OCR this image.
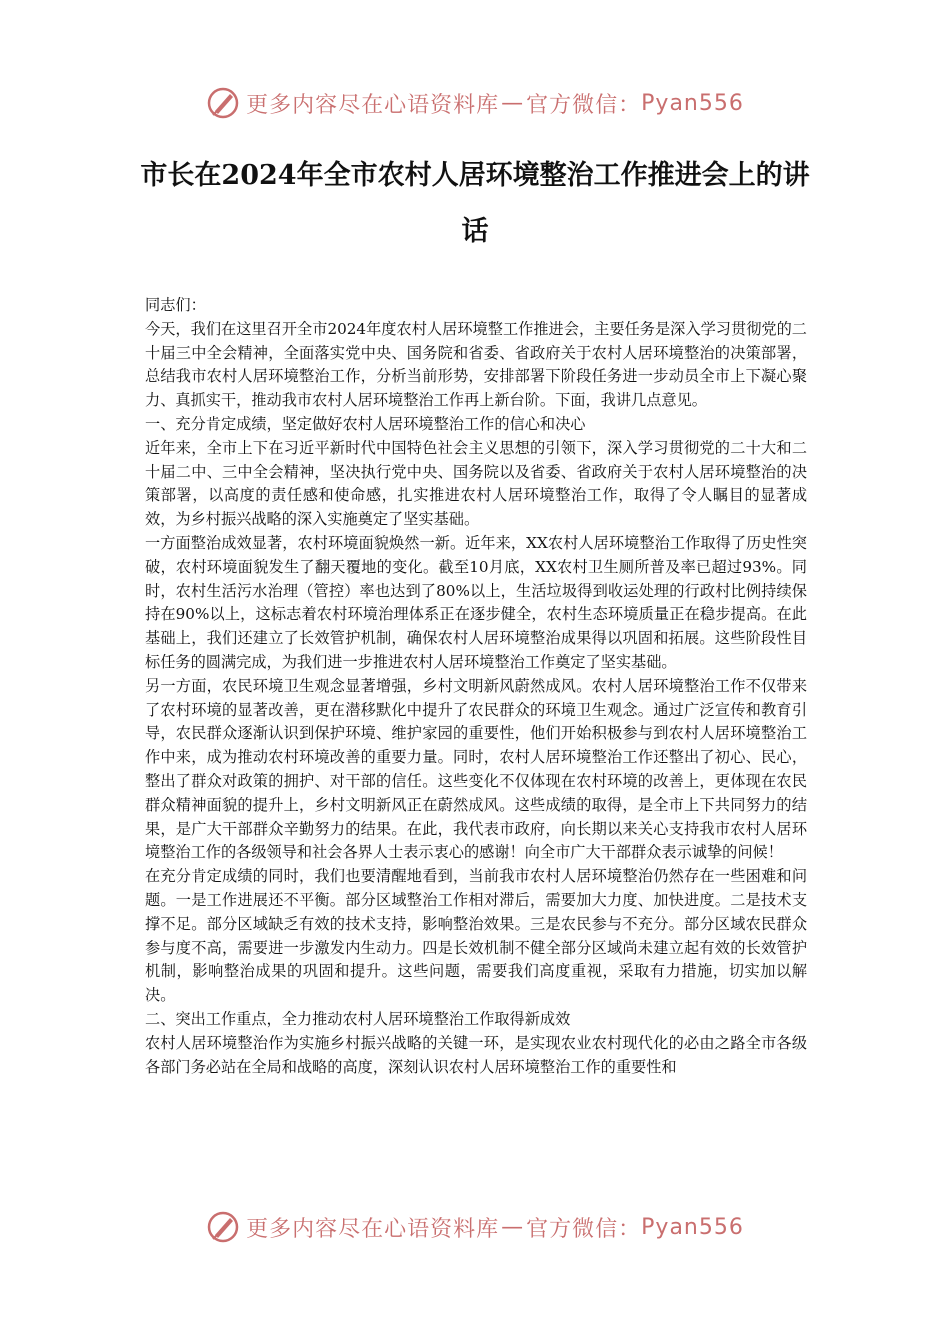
更多内容尽在心语资料库 — 官方微信： Pyan556
市长在2024年全市农村人居环境整治工作推进会上的讲话

同志们：

今天，我们在这里召开全市2024年度农村人居环境整工作推进会，主要任务是深入学习贯彻党的二十届三中全会精神，全面落实党中央、国务院和省委、省政府关于农村人居环境整治的决策部署，总结我市农村人居环境整治工作，分析当前形势，安排部署下阶段任务进一步动员全市上下凝心聚力、真抓实干，推动我市农村人居环境整治工作再上新台阶。下面，我讲几点意见。

一、充分肯定成绩，坚定做好农村人居环境整治工作的信心和决心

近年来，全市上下在习近平新时代中国特色社会主义思想的引领下，深入学习贯彻党的二十大和二十届二中、三中全会精神，坚决执行党中央、国务院以及省委、省政府关于农村人居环境整治的决策部署，以高度的责任感和使命感，扎实推进农村人居环境整治工作，取得了令人瞩目的显著成效，为乡村振兴战略的深入实施奠定了坚实基础。

一方面整治成效显著，农村环境面貌焕然一新。近年来，XX农村人居环境整治工作取得了历史性突破，农村环境面貌发生了翻天覆地的变化。截至10月底，XX农村卫生厕所普及率已超过93%。同时，农村生活污水治理（管控）率也达到了80%以上，生活垃圾得到收运处理的行政村比例持续保持在90%以上，这标志着农村环境治理体系正在逐步健全，农村生态环境质量正在稳步提高。在此基础上，我们还建立了长效管护机制，确保农村人居环境整治成果得以巩固和拓展。这些阶段性目标任务的圆满完成，为我们进一步推进农村人居环境整治工作奠定了坚实基础。

另一方面，农民环境卫生观念显著增强，乡村文明新风蔚然成风。农村人居环境整治工作不仅带来了农村环境的显著改善，更在潜移默化中提升了农民群众的环境卫生观念。通过广泛宣传和教育引导，农民群众逐渐认识到保护环境、维护家园的重要性，他们开始积极参与到农村人居环境整治工作中来，成为推动农村环境改善的重要力量。同时，农村人居环境整治工作还整出了初心、民心，整出了群众对政策的拥护、对干部的信任。这些变化不仅体现在农村环境的改善上，更体现在农民群众精神面貌的提升上，乡村文明新风正在蔚然成风。这些成绩的取得，是全市上下共同努力的结果，是广大干部群众辛勤努力的结果。在此，我代表市政府，向长期以来关心支持我市农村人居环境整治工作的各级领导和社会各界人士表示衷心的感谢！向全市广大干部群众表示诚挚的问候！

在充分肯定成绩的同时，我们也要清醒地看到，当前我市农村人居环境整治仍然存在一些困难和问题。一是工作进展还不平衡。部分区域整治工作相对滞后，需要加大力度、加快进度。二是技术支撑不足。部分区域缺乏有效的技术支持，影响整治效果。三是农民参与不充分。部分区域农民群众参与度不高，需要进一步激发内生动力。四是长效机制不健全部分区域尚未建立起有效的长效管护机制，影响整治成果的巩固和提升。这些问题，需要我们高度重视，采取有力措施，切实加以解决。

二、突出工作重点，全力推动农村人居环境整治工作取得新成效

农村人居环境整治作为实施乡村振兴战略的关键一环，是实现农业农村现代化的必由之路全市各级各部门务必站在全局和战略的高度，深刻认识农村人居环境整治工作的重要性和

更多内容尽在心语资料库 — 官方微信： Pyan556
